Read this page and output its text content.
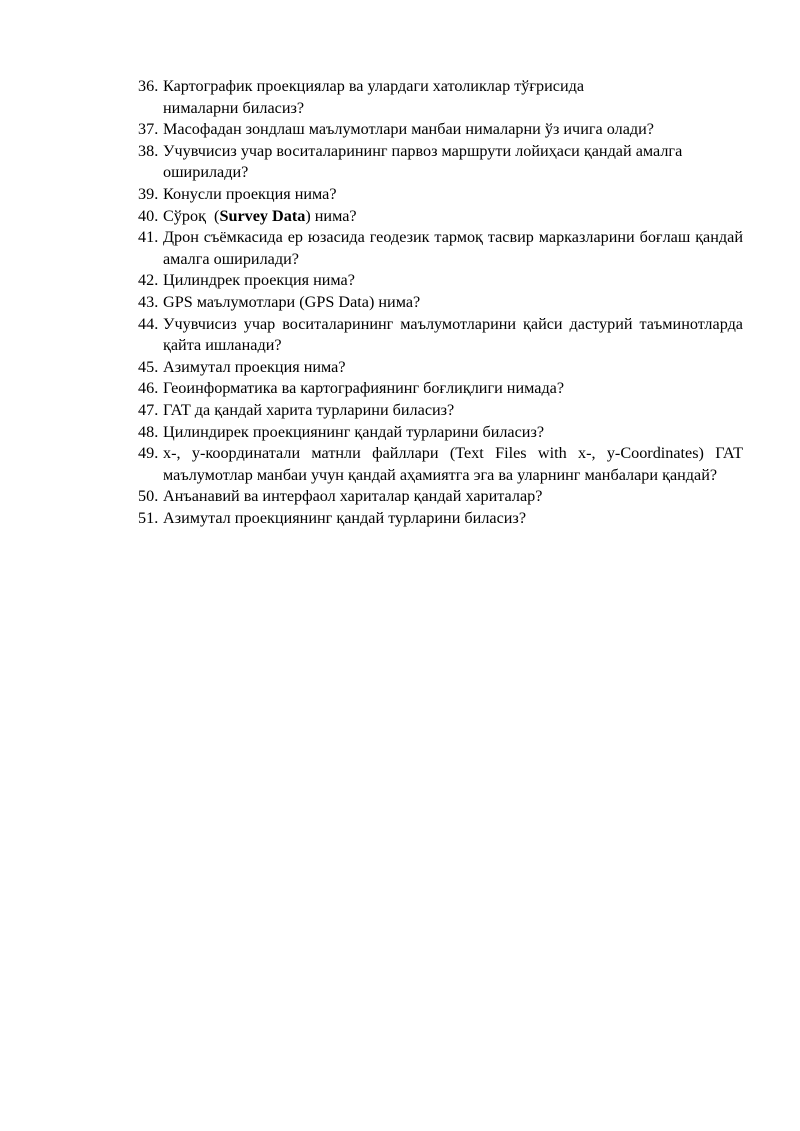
36. Картографик проекциялар ва улардаги хатоликлар тўғрисида нималарни биласиз?
37. Масофадан зондлаш маълумотлари манбаи нималарни ўз ичига олади?
38. Учувчисиз учар воситаларининг парвоз маршрути лойиҳаси қандай амалга оширилади?
39. Конусли проекция нима?
40. Сўроқ  (Survey Data) нима?
41. Дрон съёмкасида ер юзасида геодезик тармоқ тасвир марказларини боғлаш қандай амалга оширилади?
42. Цилиндрек проекция нима?
43. GPS маълумотлари (GPS Data) нима?
44. Учувчисиз учар воситаларининг маълумотларини қайси дастурий таъминотларда қайта ишланади?
45. Азимутал проекция нима?
46. Геоинформатика ва картографиянинг боғлиқлиги нимада?
47. ГАТ да қандай харита турларини биласиз?
48. Цилиндирек проекциянинг қандай турларини биласиз?
49. x-, y-координатали матнли файллари (Text Files with x-, y-Coordinates) ГАТ маълумотлар манбаи учун қандай аҳамиятга эга ва уларнинг манбалари қандай?
50. Анъанавий ва интерфаол хариталар қандай хариталар?
51. Азимутал проекциянинг қандай турларини биласиз?
